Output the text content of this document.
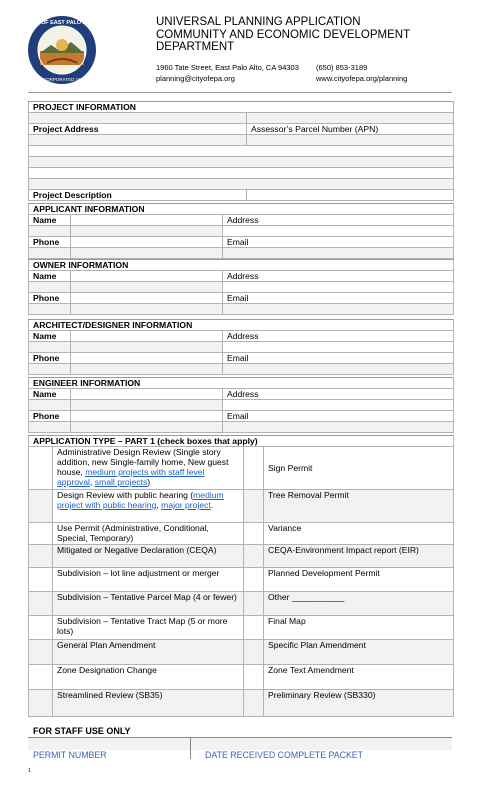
CITY OF EAST PALO ALTO
INCORPORATED 1983
UNIVERSAL PLANNING APPLICATION
COMMUNITY AND ECONOMIC DEVELOPMENT
DEPARTMENT
1960 Tate Street, East Palo Alto, CA 94303 (650) 853-3189
planning@cityofepa.org	www.cityofepa.org/planning
PROJECT INFORMATION	

Project Address	Assessor’s Parcel Number (APN)

Project Description	
APPLICANT INFORMATION		
Name		Address

Phone		Email

OWNER INFORMATION		
Name		Address

Phone		Email

ARCHITECT/DESIGNER INFORMATION		
Name		Address

Phone		Email

ENGINEER INFORMATION		
Name		Address

Phone		Email

APPLICATION TYPE – PART 1 (check boxes that apply)			
	Administrative Design Review (Single story addition, new Single-family home, New guest house, medium projects with staff level approval, small projects)		Sign Permit
	Design Review with public hearing (medium project with public hearing, major project.		Tree Removal Permit
	Use Permit (Administrative, Conditional, Special, Temporary)		Variance
	Mitigated or Negative Declaration (CEQA)		CEQA-Environment Impact report (EIR)
	Subdivision – lot line adjustment or merger		Planned Development Permit
	Subdivision – Tentative Parcel Map (4 or fewer)		Other ___________
	Subdivision – Tentative Tract Map (5 or more lots)		Final Map
	General Plan Amendment		Specific Plan Amendment
	Zone Designation Change		Zone Text Amendment
	Streamlined Review (SB35)		Preliminary Review (SB330)
FOR STAFF USE ONLY
PERMIT NUMBER	DATE RECEIVED COMPLETE PACKET
1
